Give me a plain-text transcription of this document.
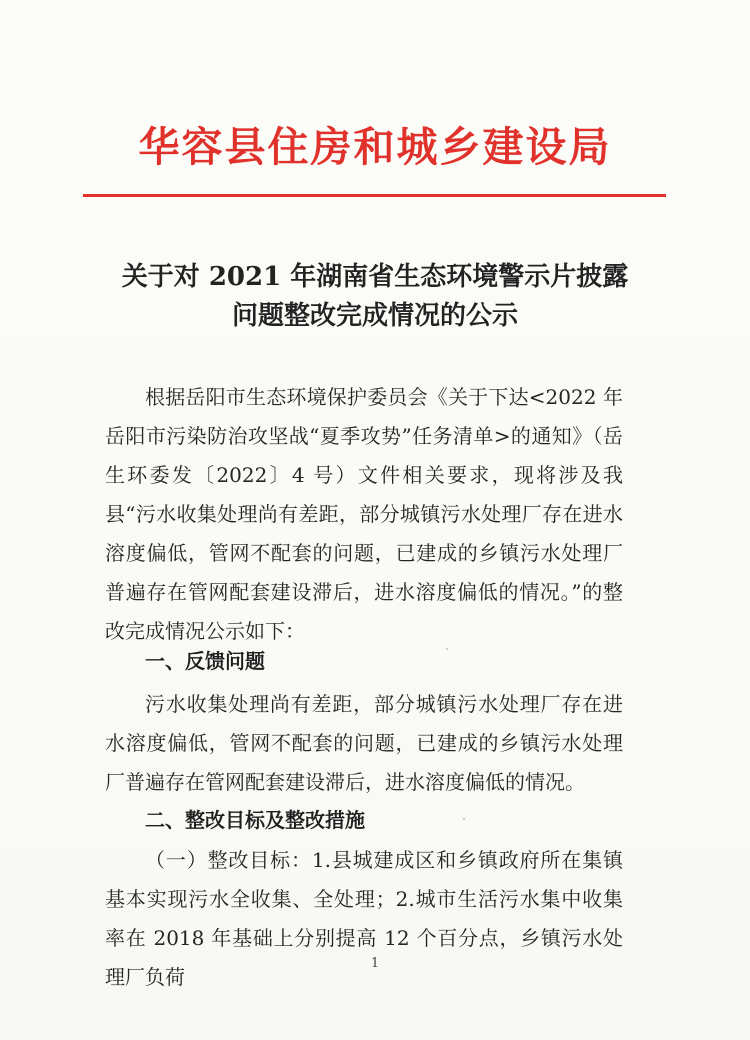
华容县住房和城乡建设局
关于对 2021 年湖南省生态环境警示片披露
问题整改完成情况的公示

根据岳阳市生态环境保护委员会《关于下达<2022 年岳阳市污染防治攻坚战“夏季攻势”任务清单>的通知》（岳生环委发〔2022〕4 号）文件相关要求，现将涉及我县“污水收集处理尚有差距，部分城镇污水处理厂存在进水溶度偏低，管网不配套的问题，已建成的乡镇污水处理厂普遍存在管网配套建设滞后，进水溶度偏低的情况。”的整改完成情况公示如下：

一、反馈问题

污水收集处理尚有差距，部分城镇污水处理厂存在进水溶度偏低，管网不配套的问题，已建成的乡镇污水处理厂普遍存在管网配套建设滞后，进水溶度偏低的情况。

二、整改目标及整改措施

（一）整改目标：1.县城建成区和乡镇政府所在集镇基本实现污水全收集、全处理；2.城市生活污水集中收集率在 2018 年基础上分别提高 12 个百分点，乡镇污水处理厂负荷

1
